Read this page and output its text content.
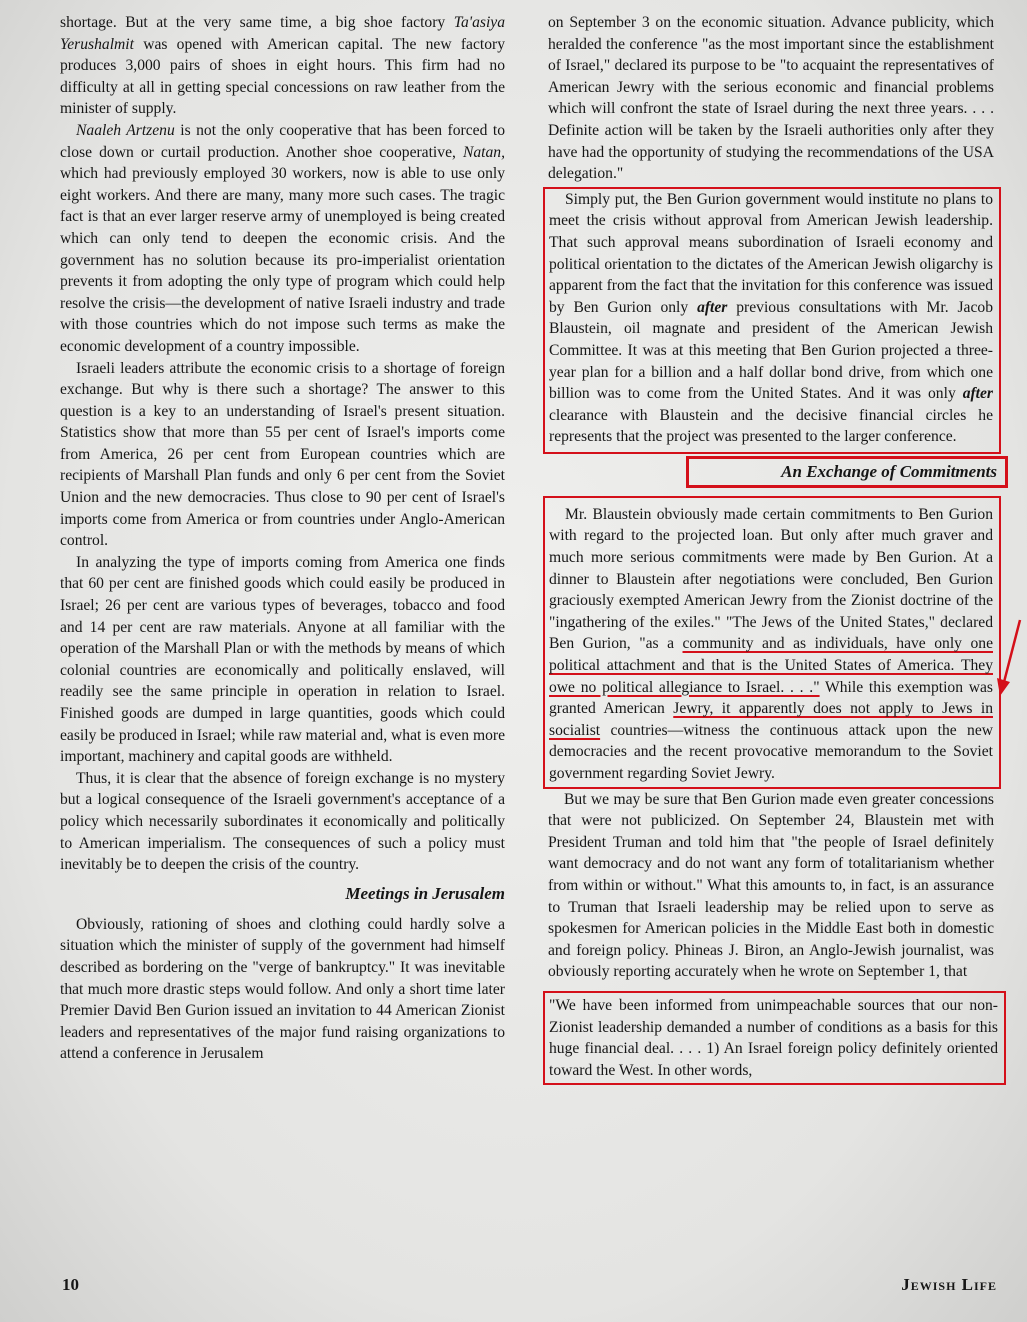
shortage. But at the very same time, a big shoe factory Ta'asiya Yerushalmit was opened with American capital. The new factory produces 3,000 pairs of shoes in eight hours. This firm had no difficulty at all in getting special concessions on raw leather from the minister of supply.

Naaleh Artzenu is not the only cooperative that has been forced to close down or curtail production. Another shoe cooperative, Natan, which had previously employed 30 workers, now is able to use only eight workers. And there are many, many more such cases. The tragic fact is that an ever larger reserve army of unemployed is being created which can only tend to deepen the economic crisis. And the government has no solution because its pro-imperialist orientation prevents it from adopting the only type of program which could help resolve the crisis—the development of native Israeli industry and trade with those countries which do not impose such terms as make the economic development of a country impossible.

Israeli leaders attribute the economic crisis to a shortage of foreign exchange. But why is there such a shortage? The answer to this question is a key to an understanding of Israel's present situation. Statistics show that more than 55 per cent of Israel's imports come from America, 26 per cent from European countries which are recipients of Marshall Plan funds and only 6 per cent from the Soviet Union and the new democracies. Thus close to 90 per cent of Israel's imports come from America or from countries under Anglo-American control.

In analyzing the type of imports coming from America one finds that 60 per cent are finished goods which could easily be produced in Israel; 26 per cent are various types of beverages, tobacco and food and 14 per cent are raw materials. Anyone at all familiar with the operation of the Marshall Plan or with the methods by means of which colonial countries are economically and politically enslaved, will readily see the same principle in operation in relation to Israel. Finished goods are dumped in large quantities, goods which could easily be produced in Israel; while raw material and, what is even more important, machinery and capital goods are withheld.

Thus, it is clear that the absence of foreign exchange is no mystery but a logical consequence of the Israeli government's acceptance of a policy which necessarily subordinates it economically and politically to American imperialism. The consequences of such a policy must inevitably be to deepen the crisis of the country.

Meetings in Jerusalem

Obviously, rationing of shoes and clothing could hardly solve a situation which the minister of supply of the government had himself described as bordering on the "verge of bankruptcy." It was inevitable that much more drastic steps would follow. And only a short time later Premier David Ben Gurion issued an invitation to 44 American Zionist leaders and representatives of the major fund raising organizations to attend a conference in Jerusalem

on September 3 on the economic situation. Advance publicity, which heralded the conference "as the most important since the establishment of Israel," declared its purpose to be "to acquaint the representatives of American Jewry with the serious economic and financial problems which will confront the state of Israel during the next three years. . . . Definite action will be taken by the Israeli authorities only after they have had the opportunity of studying the recommendations of the USA delegation."

Simply put, the Ben Gurion government would institute no plans to meet the crisis without approval from American Jewish leadership. That such approval means subordination of Israeli economy and political orientation to the dictates of the American Jewish oligarchy is apparent from the fact that the invitation for this conference was issued by Ben Gurion only after previous consultations with Mr. Jacob Blaustein, oil magnate and president of the American Jewish Committee. It was at this meeting that Ben Gurion projected a three-year plan for a billion and a half dollar bond drive, from which one billion was to come from the United States. And it was only after clearance with Blaustein and the decisive financial circles he represents that the project was presented to the larger conference.

An Exchange of Commitments

Mr. Blaustein obviously made certain commitments to Ben Gurion with regard to the projected loan. But only after much graver and much more serious commitments were made by Ben Gurion. At a dinner to Blaustein after negotiations were concluded, Ben Gurion graciously exempted American Jewry from the Zionist doctrine of the "ingathering of the exiles." "The Jews of the United States," declared Ben Gurion, "as a community and as individuals, have only one political attachment and that is the United States of America. They owe no political allegiance to Israel. . . ." While this exemption was granted American Jewry, it apparently does not apply to Jews in socialist countries—witness the continuous attack upon the new democracies and the recent provocative memorandum to the Soviet government regarding Soviet Jewry.

But we may be sure that Ben Gurion made even greater concessions that were not publicized. On September 24, Blaustein met with President Truman and told him that "the people of Israel definitely want democracy and do not want any form of totalitarianism whether from within or without." What this amounts to, in fact, is an assurance to Truman that Israeli leadership may be relied upon to serve as spokesmen for American policies in the Middle East both in domestic and foreign policy. Phineas J. Biron, an Anglo-Jewish journalist, was obviously reporting accurately when he wrote on September 1, that

"We have been informed from unimpeachable sources that our non-Zionist leadership demanded a number of conditions as a basis for this huge financial deal. . . . 1) An Israel foreign policy definitely oriented toward the West. In other words,

10	Jewish Life
